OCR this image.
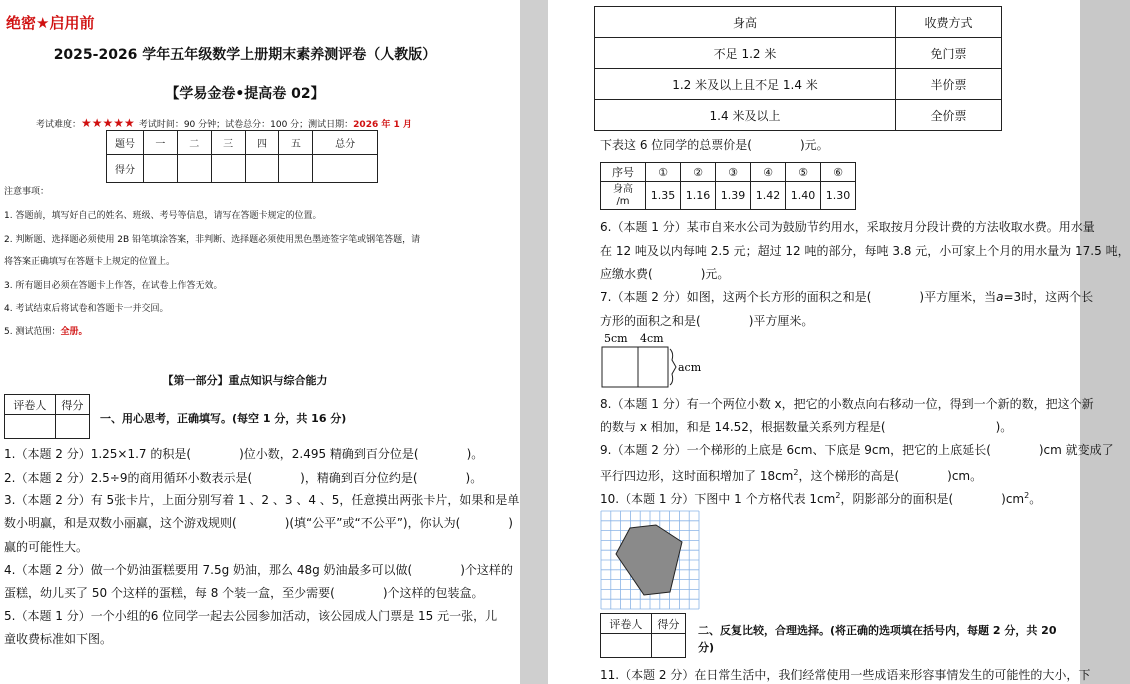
绝密★启用前
2025-2026 学年五年级数学上册期末素养测评卷（人教版）
【学易金卷•提高卷 02】
考试难度：★★★★★ 考试时间：90 分钟；试卷总分：100 分；测试日期：2026 年 1 月
题号	一	二	三	四	五	总分
得分						
注意事项：
1. 答题前，填写好自己的姓名、班级、考号等信息，请写在答题卡规定的位置。
2. 判断题、选择题必须使用 2B 铅笔填涂答案，非判断、选择题必须使用黑色墨迹签字笔或钢笔答题，请
将答案正确填写在答题卡上规定的位置上。
3. 所有题目必须在答题卡上作答，在试卷上作答无效。
4. 考试结束后将试卷和答题卡一并交回。
5. 测试范围：全册。
【第一部分】重点知识与综合能力
评卷人	得分

一、用心思考，正确填写。(每空 1 分，共 16 分)
1.（本题 2 分）1.25×1.7 的积是(	)位小数，2.495 精确到百分位是(	)。
2.（本题 2 分）2.5÷9的商用循环小数表示是(	)，精确到百分位约是(	)。
3.（本题 2 分）有 5张卡片，上面分别写着 1 、2 、3 、4 、5，任意摸出两张卡片，如果和是单
数小明赢，和是双数小丽赢，这个游戏规则(	)(填“公平”或“不公平”)，你认为(	)
赢的可能性大。
4.（本题 2 分）做一个奶油蛋糕要用 7.5g 奶油，那么 48g 奶油最多可以做(	)个这样的
蛋糕，幼儿买了 50 个这样的蛋糕，每 8 个装一盒，至少需要(	)个这样的包装盒。
5.（本题 1 分）一个小组的6 位同学一起去公园参加活动，该公园成人门票是 15 元一张，儿
童收费标准如下图。
身高	收费方式
不足 1.2 米	免门票
1.2 米及以上且不足 1.4 米	半价票
1.4 米及以上	全价票
下表这 6 位同学的总票价是(	)元。
序号	①	②	③	④	⑤	⑥
身高
/m	1.35	1.16	1.39	1.42	1.40	1.30
6.（本题 1 分）某市自来水公司为鼓励节约用水，采取按月分段计费的方法收取水费。用水量
在 12 吨及以内每吨 2.5 元；超过 12 吨的部分，每吨 3.8 元，小可家上个月的用水量为 17.5 吨，
应缴水费(	)元。
7.（本题 2 分）如图，这两个长方形的面积之和是(	)平方厘米，当a=3时，这两个长
方形的面积之和是(	)平方厘米。
5cm 4cm
acm
8.（本题 1 分）有一个两位小数 x，把它的小数点向右移动一位，得到一个新的数，把这个新
的数与 x 相加，和是 14.52，根据数量关系列方程是(	)。
9.（本题 2 分）一个梯形的上底是 6cm、下底是 9cm，把它的上底延长(	)cm 就变成了
平行四边形，这时面积增加了 $18cm^2$，这个梯形的高是(	)cm。
10.（本题 1 分）下图中 1 个方格代表 $1cm^2$，阴影部分的面积是(	)$cm^2$。
评卷人	得分
	二、反复比较，合理选择。(将正确的选项填在括号内，每题 2 分，共 20
分)
11.（本题 2 分）在日常生活中，我们经常使用一些成语来形容事情发生的可能性的大小，下
